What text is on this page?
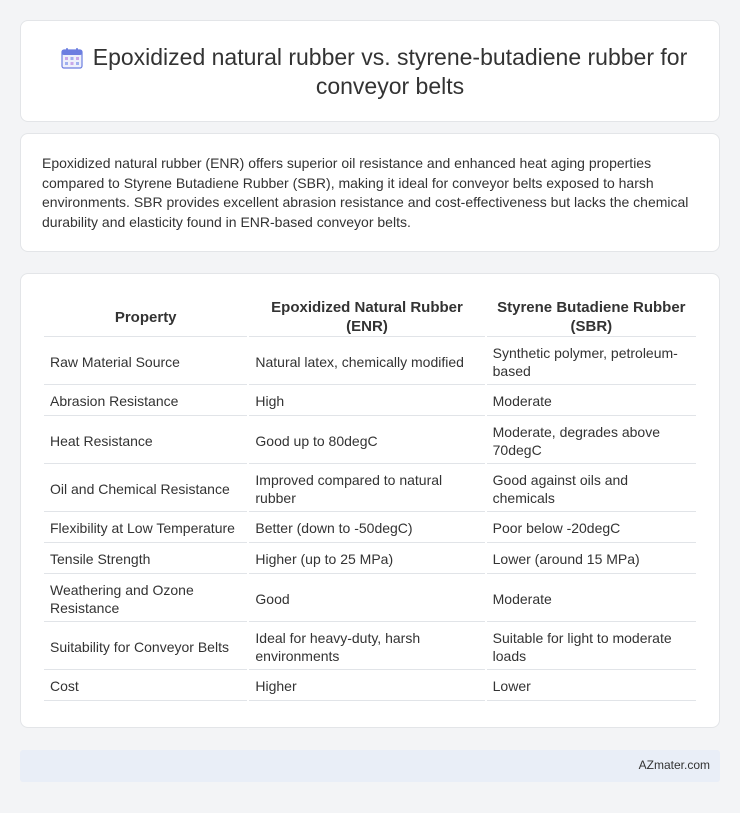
Epoxidized natural rubber vs. styrene-butadiene rubber for conveyor belts

Epoxidized natural rubber (ENR) offers superior oil resistance and enhanced heat aging properties compared to Styrene Butadiene Rubber (SBR), making it ideal for conveyor belts exposed to harsh environments. SBR provides excellent abrasion resistance and cost-effectiveness but lacks the chemical durability and elasticity found in ENR-based conveyor belts.

Property	Epoxidized Natural Rubber (ENR)	Styrene Butadiene Rubber (SBR)
Raw Material Source	Natural latex, chemically modified	Synthetic polymer, petroleum-based
Abrasion Resistance	High	Moderate
Heat Resistance	Good up to 80degC	Moderate, degrades above 70degC
Oil and Chemical Resistance	Improved compared to natural rubber	Good against oils and chemicals
Flexibility at Low Temperature	Better (down to -50degC)	Poor below -20degC
Tensile Strength	Higher (up to 25 MPa)	Lower (around 15 MPa)
Weathering and Ozone Resistance	Good	Moderate
Suitability for Conveyor Belts	Ideal for heavy-duty, harsh environments	Suitable for light to moderate loads
Cost	Higher	Lower
AZmater.com
